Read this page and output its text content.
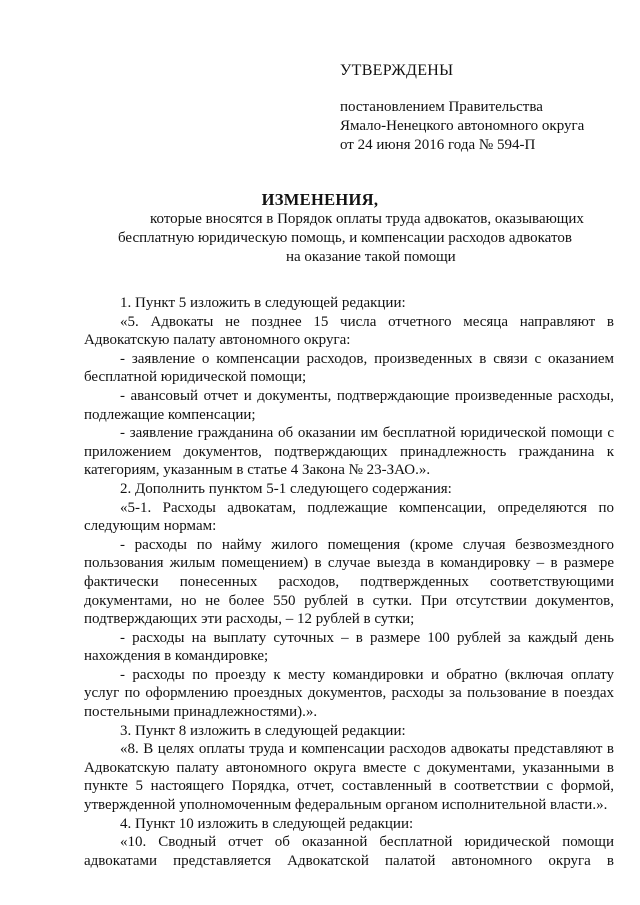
УТВЕРЖДЕНЫ
постановлением Правительства
Ямало-Ненецкого автономного округа
от 24 июня 2016 года № 594-П
ИЗМЕНЕНИЯ,
которые вносятся в Порядок оплаты труда адвокатов, оказывающих
бесплатную юридическую помощь, и компенсации расходов адвокатов
на оказание такой помощи
1. Пункт 5 изложить в следующей редакции:
«5. Адвокаты не позднее 15 числа отчетного месяца направляют в
Адвокатскую палату автономного округа:
- заявление о компенсации расходов, произведенных в связи с оказанием
бесплатной юридической помощи;
- авансовый отчет и документы, подтверждающие произведенные расходы,
подлежащие компенсации;
- заявление гражданина об оказании им бесплатной юридической помощи с
приложением документов, подтверждающих принадлежность гражданина к
категориям, указанным в статье 4 Закона № 23-ЗАО.».
2. Дополнить пунктом 5-1 следующего содержания:
«5-1. Расходы адвокатам, подлежащие компенсации, определяются по
следующим нормам:
- расходы по найму жилого помещения (кроме случая безвозмездного
пользования жилым помещением) в случае выезда в командировку – в размере
фактически понесенных расходов, подтвержденных соответствующими
документами, но не более 550 рублей в сутки. При отсутствии документов,
подтверждающих эти расходы, – 12 рублей в сутки;
- расходы на выплату суточных – в размере 100 рублей за каждый день
нахождения в командировке;
- расходы по проезду к месту командировки и обратно (включая оплату
услуг по оформлению проездных документов, расходы за пользование в поездах
постельными принадлежностями).».
3. Пункт 8 изложить в следующей редакции:
«8. В целях оплаты труда и компенсации расходов адвокаты представляют в
Адвокатскую палату автономного округа вместе с документами, указанными в
пункте 5 настоящего Порядка, отчет, составленный в соответствии с формой,
утвержденной уполномоченным федеральным органом исполнительной власти.».
4. Пункт 10 изложить в следующей редакции:
«10. Сводный отчет об оказанной бесплатной юридической помощи
адвокатами представляется Адвокатской палатой автономного округа в
